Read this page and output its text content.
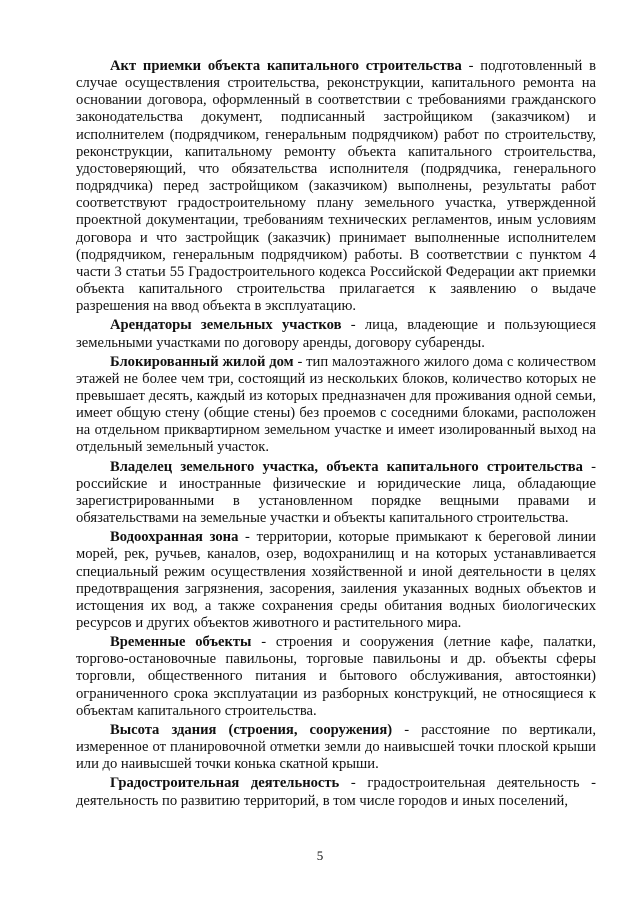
Акт приемки объекта капитального строительства - подготовленный в случае осуществления строительства, реконструкции, капитального ремонта на основании договора, оформленный в соответствии с требованиями гражданского законодательства документ, подписанный застройщиком (заказчиком) и исполнителем (подрядчиком, генеральным подрядчиком) работ по строительству, реконструкции, капитальному ремонту объекта капитального строительства, удостоверяющий, что обязательства исполнителя (подрядчика, генерального подрядчика) перед застройщиком (заказчиком) выполнены, результаты работ соответствуют градостроительному плану земельного участка, утвержденной проектной документации, требованиям технических регламентов, иным условиям договора и что застройщик (заказчик) принимает выполненные исполнителем (подрядчиком, генеральным подрядчиком) работы. В соответствии с пунктом 4 части 3 статьи 55 Градостроительного кодекса Российской Федерации акт приемки объекта капитального строительства прилагается к заявлению о выдаче разрешения на ввод объекта в эксплуатацию.

Арендаторы земельных участков - лица, владеющие и пользующиеся земельными участками по договору аренды, договору субаренды.

Блокированный жилой дом - тип малоэтажного жилого дома с количеством этажей не более чем три, состоящий из нескольких блоков, количество которых не превышает десять, каждый из которых предназначен для проживания одной семьи, имеет общую стену (общие стены) без проемов с соседними блоками, расположен на отдельном приквартирном земельном участке и имеет изолированный выход на отдельный земельный участок.

Владелец земельного участка, объекта капитального строительства - российские и иностранные физические и юридические лица, обладающие зарегистрированными в установленном порядке вещными правами и обязательствами на земельные участки и объекты капитального строительства.

Водоохранная зона - территории, которые примыкают к береговой линии морей, рек, ручьев, каналов, озер, водохранилищ и на которых устанавливается специальный режим осуществления хозяйственной и иной деятельности в целях предотвращения загрязнения, засорения, заиления указанных водных объектов и истощения их вод, а также сохранения среды обитания водных биологических ресурсов и других объектов животного и растительного мира.

Временные объекты - строения и сооружения (летние кафе, палатки, торгово-остановочные павильоны, торговые павильоны и др. объекты сферы торговли, общественного питания и бытового обслуживания, автостоянки) ограниченного срока эксплуатации из разборных конструкций, не относящиеся к объектам капитального строительства.

Высота здания (строения, сооружения) - расстояние по вертикали, измеренное от планировочной отметки земли до наивысшей точки плоской крыши или до наивысшей точки конька скатной крыши.

Градостроительная деятельность - градостроительная деятельность - деятельность по развитию территорий, в том числе городов и иных поселений,

5
